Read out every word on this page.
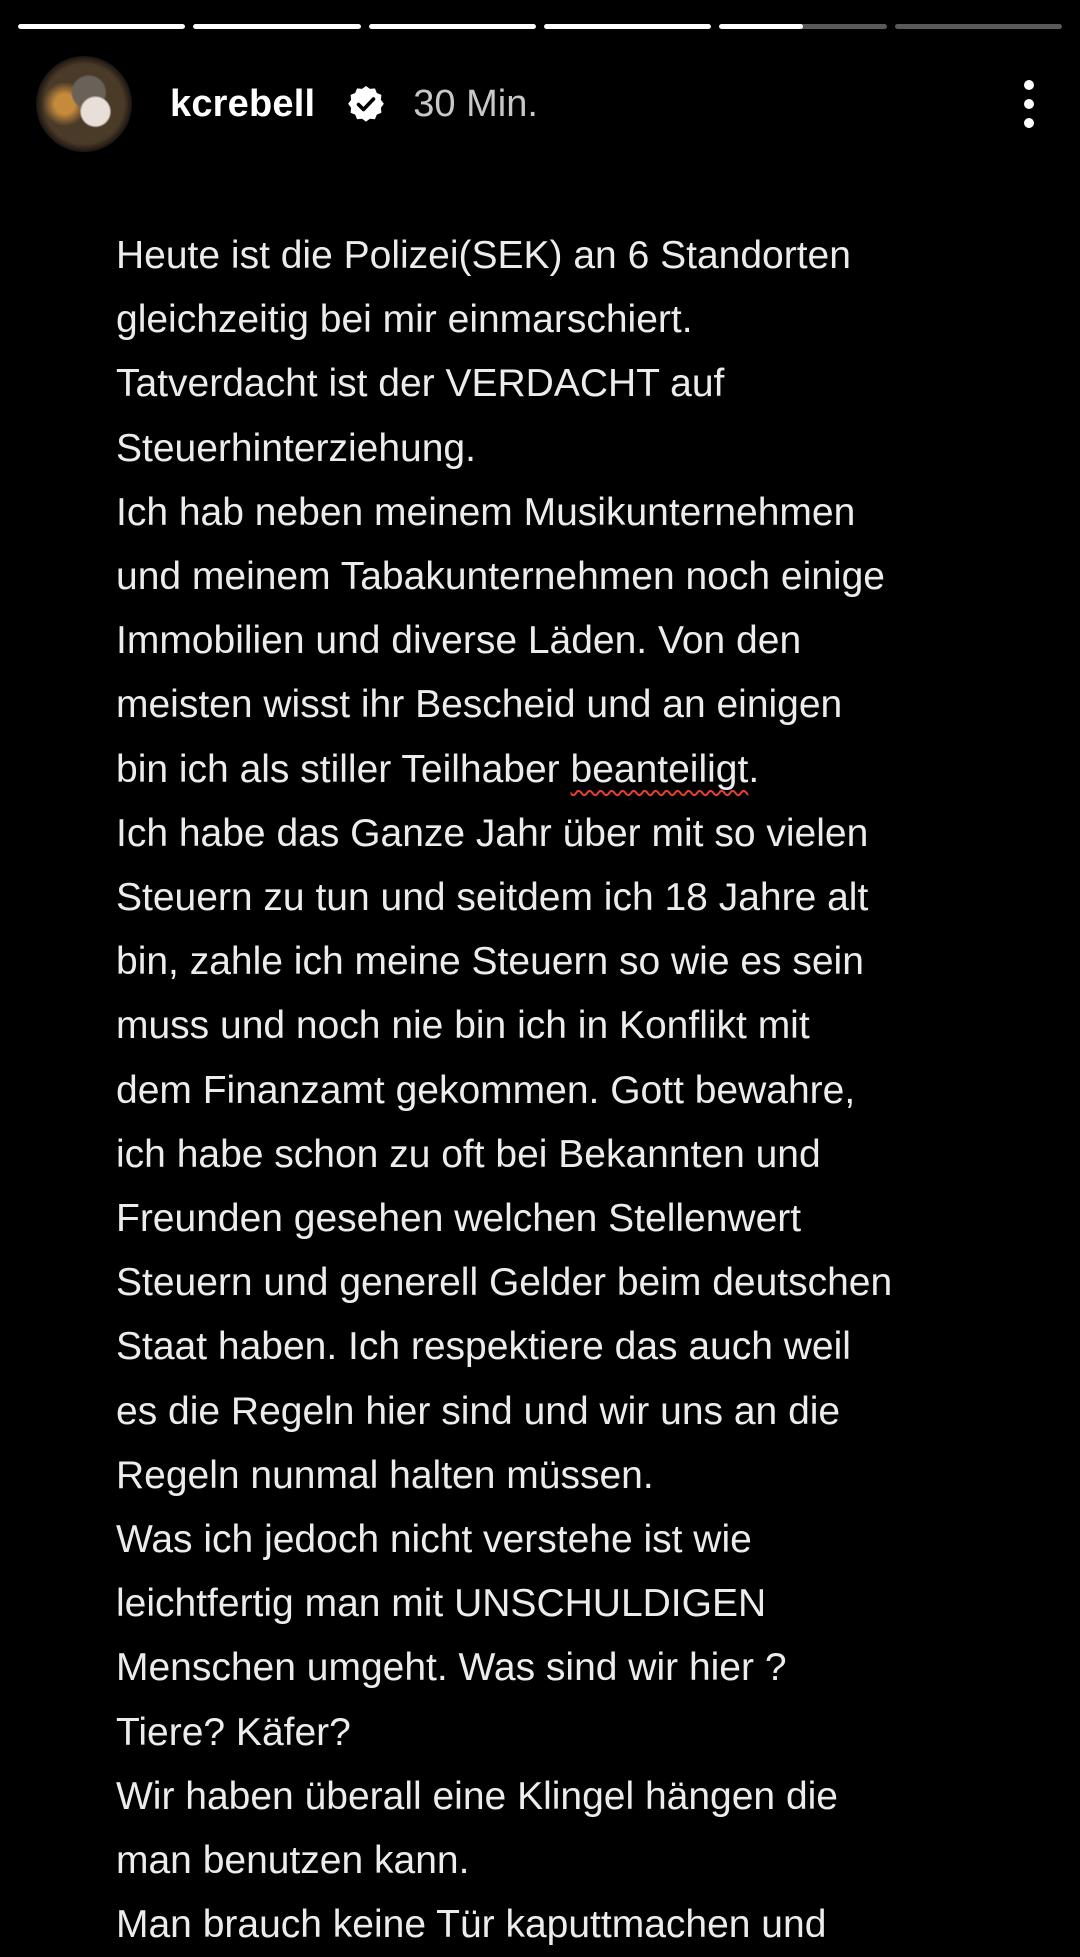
kcrebell	30 Min.
Heute ist die Polizei(SEK) an 6 Standorten
gleichzeitig bei mir einmarschiert.
Tatverdacht ist der VERDACHT auf
Steuerhinterziehung.
Ich hab neben meinem Musikunternehmen
und meinem Tabakunternehmen noch einige
Immobilien und diverse Läden. Von den
meisten wisst ihr Bescheid und an einigen
bin ich als stiller Teilhaber beanteiligt.
Ich habe das Ganze Jahr über mit so vielen
Steuern zu tun und seitdem ich 18 Jahre alt
bin, zahle ich meine Steuern so wie es sein
muss und noch nie bin ich in Konflikt mit
dem Finanzamt gekommen. Gott bewahre,
ich habe schon zu oft bei Bekannten und
Freunden gesehen welchen Stellenwert
Steuern und generell Gelder beim deutschen
Staat haben. Ich respektiere das auch weil
es die Regeln hier sind und wir uns an die
Regeln nunmal halten müssen.
Was ich jedoch nicht verstehe ist wie
leichtfertig man mit UNSCHULDIGEN
Menschen umgeht. Was sind wir hier ?
Tiere? Käfer?
Wir haben überall eine Klingel hängen die
man benutzen kann.
Man brauch keine Tür kaputtmachen und
